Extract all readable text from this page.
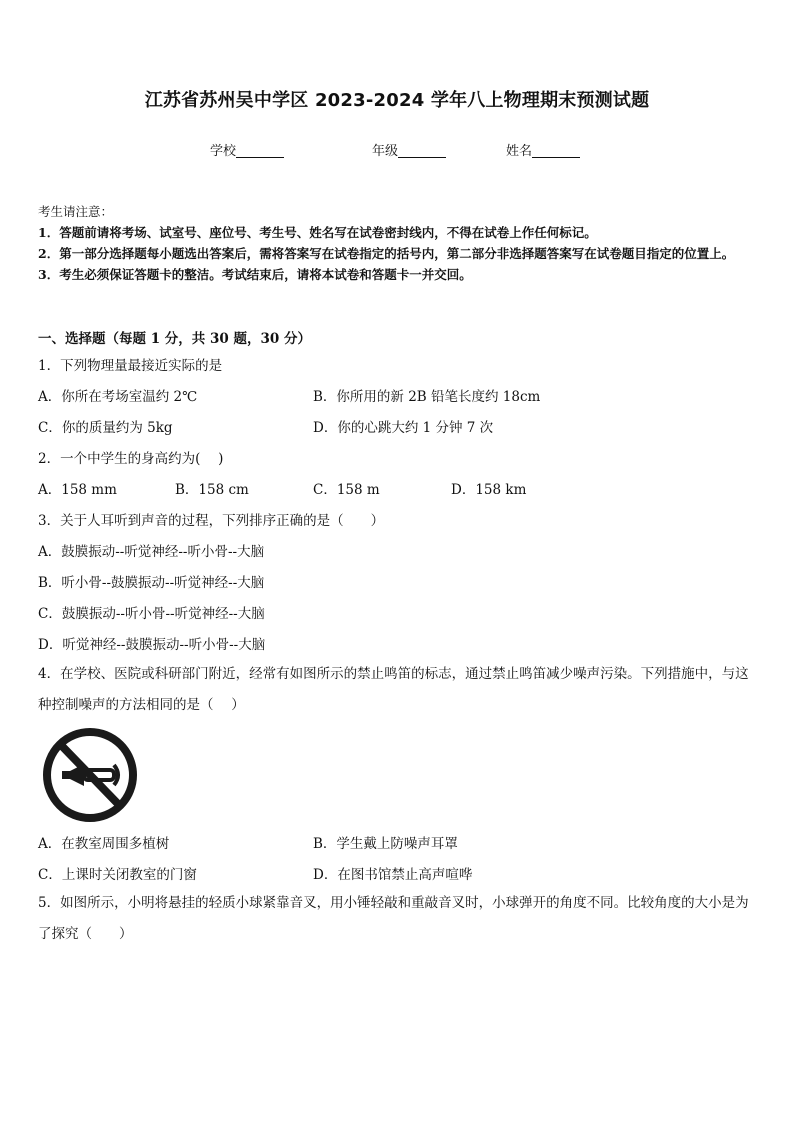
江苏省苏州吴中学区 2023-2024 学年八上物理期末预测试题
学校	年级	姓名
考生请注意：
1．答题前请将考场、试室号、座位号、考生号、姓名写在试卷密封线内，不得在试卷上作任何标记。
2．第一部分选择题每小题选出答案后，需将答案写在试卷指定的括号内，第二部分非选择题答案写在试卷题目指定的位置上。
3．考生必须保证答题卡的整洁。考试结束后，请将本试卷和答题卡一并交回。
一、选择题（每题 1 分，共 30 题，30 分）
1．下列物理量最接近实际的是
A．你所在考场室温约 2℃	B．你所用的新 2B 铅笔长度约 18cm
C．你的质量约为 5kg	D．你的心跳大约 1 分钟 7 次
2．一个中学生的身高约为(　 )
A．158 mm	B．158 cm	C．158 m	D．158 km
3．关于人耳听到声音的过程，下列排序正确的是（　　）
A．鼓膜振动--听觉神经--听小骨--大脑
B．听小骨--鼓膜振动--听觉神经--大脑
C．鼓膜振动--听小骨--听觉神经--大脑
D．听觉神经--鼓膜振动--听小骨--大脑
4．在学校、医院或科研部门附近，经常有如图所示的禁止鸣笛的标志，通过禁止鸣笛减少噪声污染。下列措施中，与这种控制噪声的方法相同的是（　 ）
A．在教室周围多植树	B．学生戴上防噪声耳罩
C．上课时关闭教室的门窗	D．在图书馆禁止高声喧哗
5．如图所示，小明将悬挂的轻质小球紧靠音叉，用小锤轻敲和重敲音叉时，小球弹开的角度不同。比较角度的大小是为了探究（　　）
